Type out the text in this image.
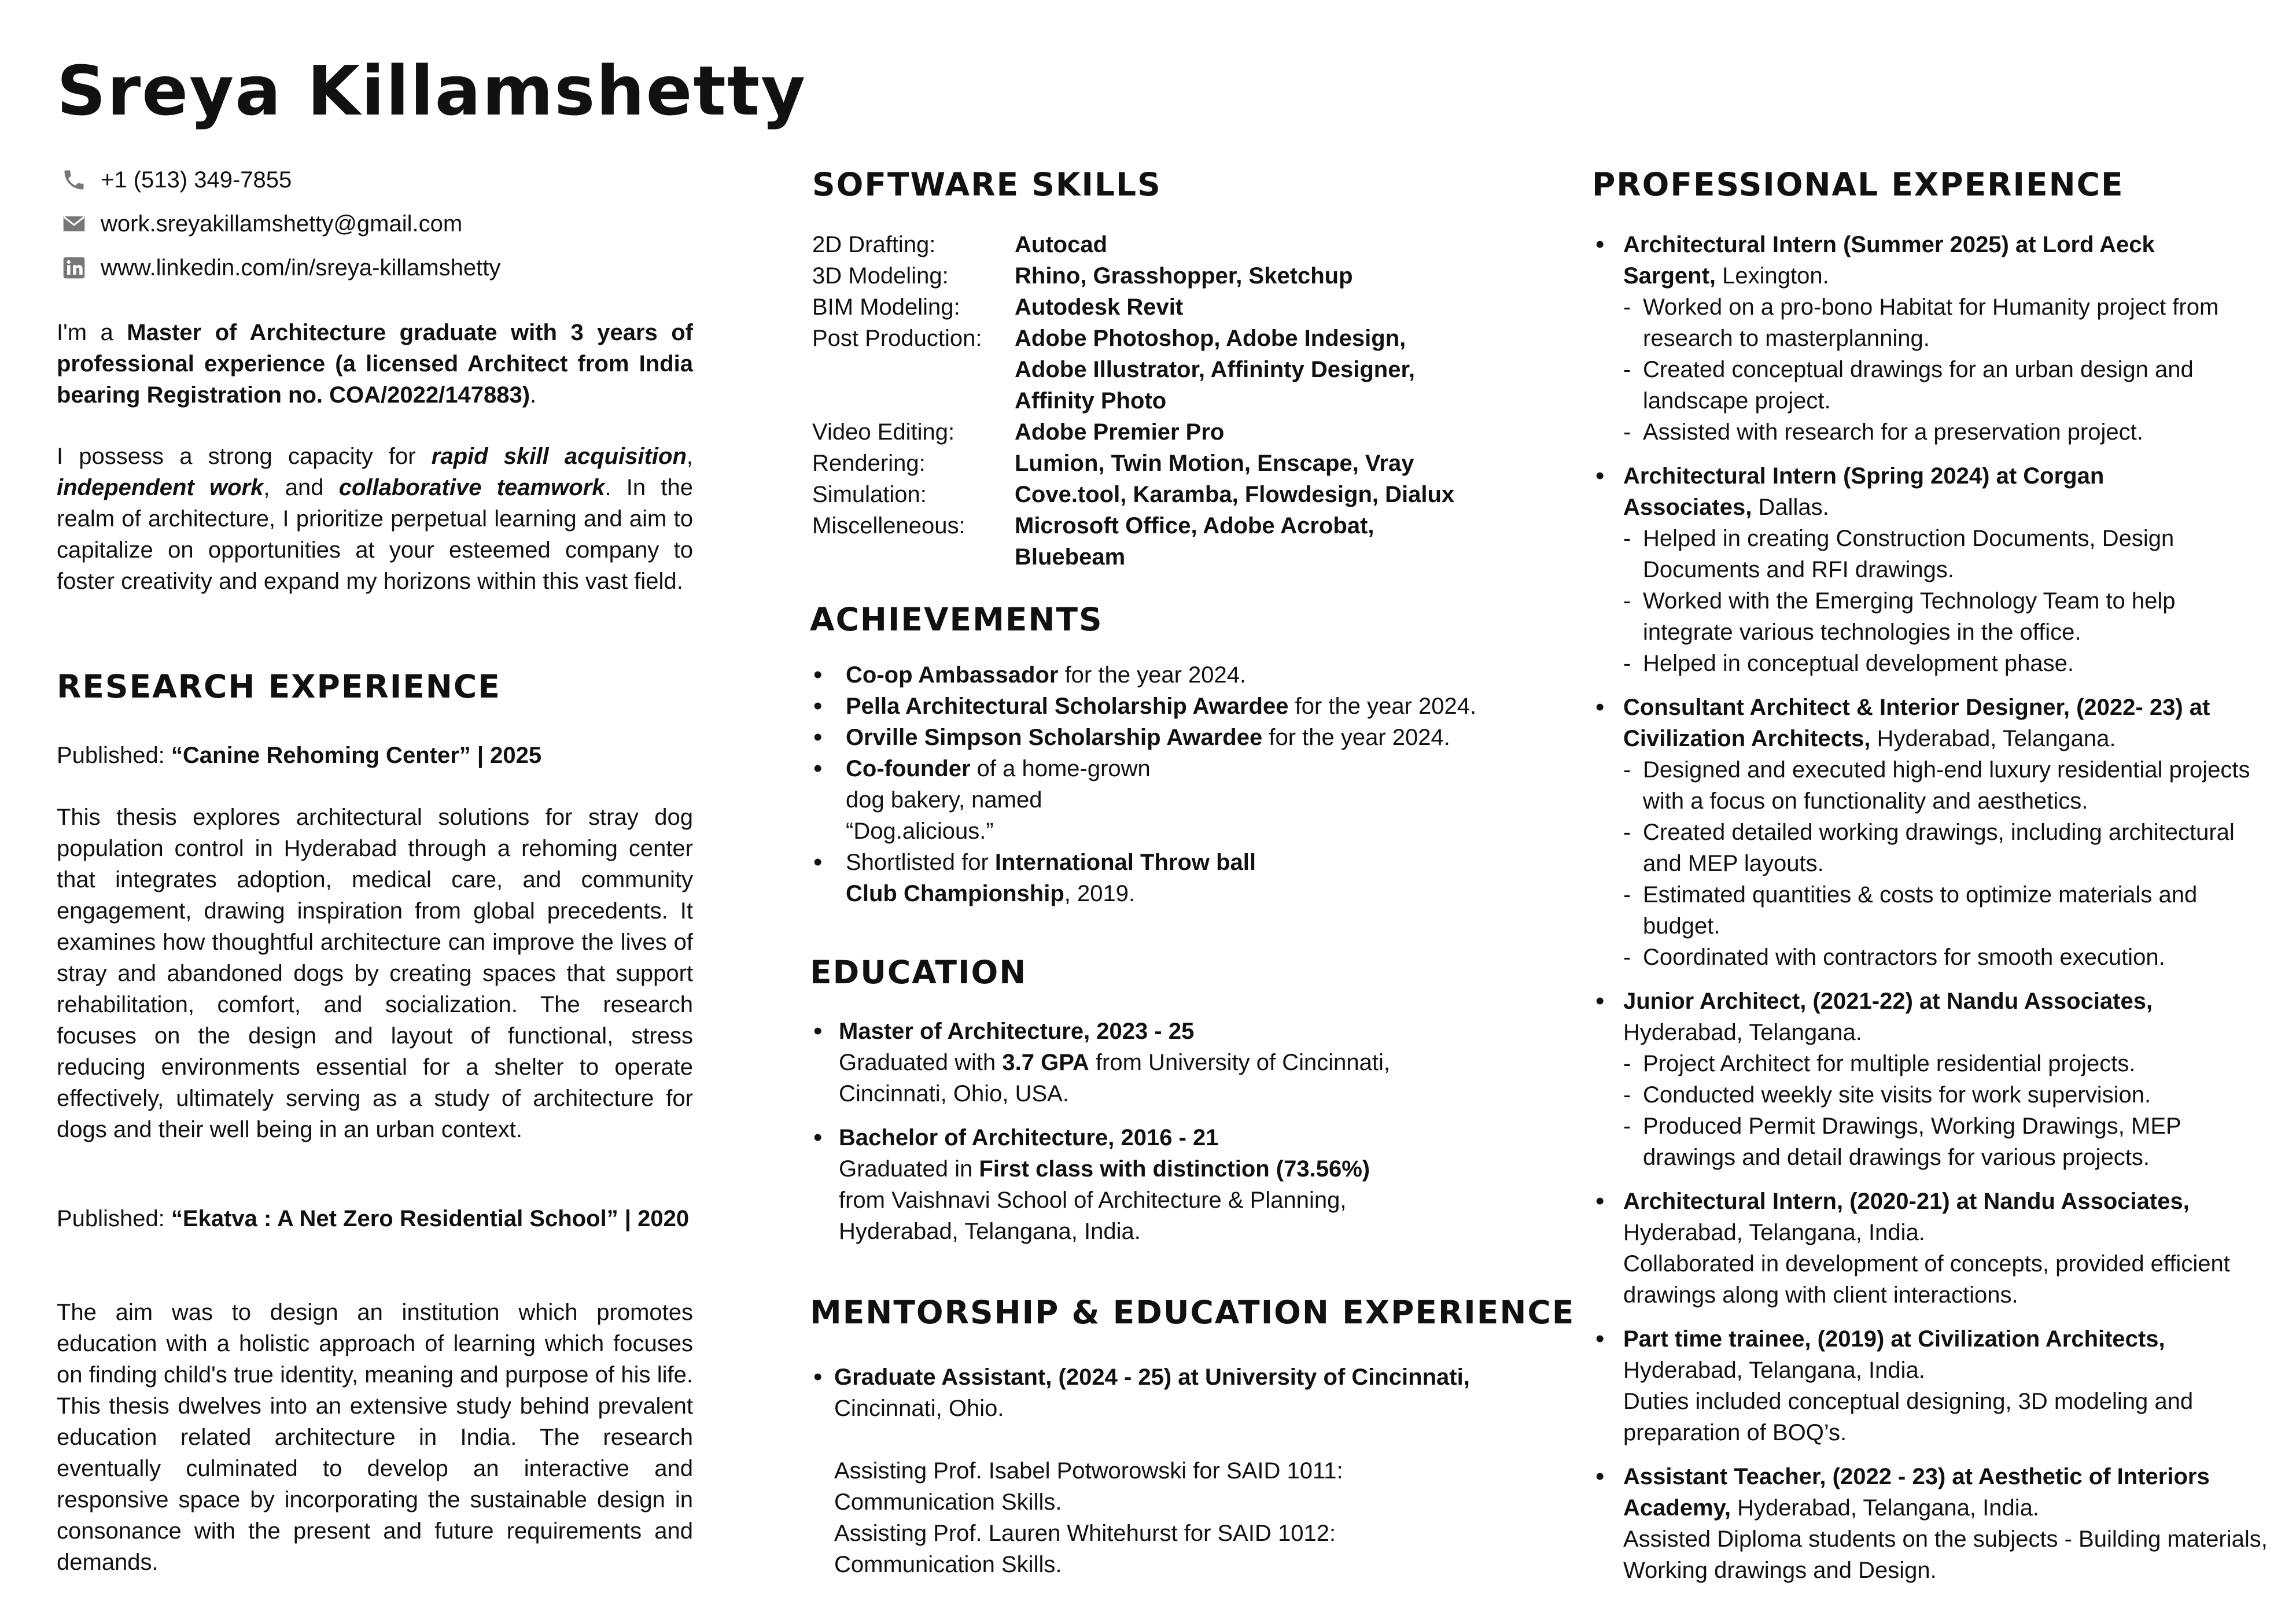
Sreya Killamshetty
+1 (513) 349-7855
work.sreyakillamshetty@gmail.com
www.linkedin.com/in/sreya-killamshetty

I'm a Master of Architecture graduate with 3 years of professional experience (a licensed Architect from India bearing Registration no. COA/2022/147883).

I possess a strong capacity for rapid skill acquisition, independent work, and collaborative teamwork. In the realm of architecture, I prioritize perpetual learning and aim to capitalize on opportunities at your esteemed company to foster creativity and expand my horizons within this vast field.

RESEARCH EXPERIENCE

Published: “Canine Rehoming Center” | 2025

This thesis explores architectural solutions for stray dog population control in Hyderabad through a rehoming center that integrates adoption, medical care, and community engagement, drawing inspiration from global precedents. It examines how thoughtful architecture can improve the lives of stray and abandoned dogs by creating spaces that support rehabilitation, comfort, and socialization. The research focuses on the design and layout of functional, stress reducing environments essential for a shelter to operate effectively, ultimately serving as a study of architecture for dogs and their well being in an urban context.

Published: “Ekatva : A Net Zero Residential School” | 2020

The aim was to design an institution which promotes education with a holistic approach of learning which focuses on finding child's true identity, meaning and purpose of his life. This thesis dwelves into an extensive study behind prevalent education related architecture in India. The research eventually culminated to develop an interactive and responsive space by incorporating the sustainable design in consonance with the present and future requirements and demands.

SOFTWARE SKILLS
2D Drafting:	Autocad
3D Modeling:	Rhino, Grasshopper, Sketchup
BIM Modeling:	Autodesk Revit
Post Production:	Adobe Photoshop, Adobe Indesign, Adobe Illustrator, Affininty Designer, Affinity Photo
Video Editing:	Adobe Premier Pro
Rendering:	Lumion, Twin Motion, Enscape, Vray
Simulation:	Cove.tool, Karamba, Flowdesign, Dialux
Miscelleneous:	Microsoft Office, Adobe Acrobat, Bluebeam
ACHIEVEMENTS
• Co-op Ambassador for the year 2024.
• Pella Architectural Scholarship Awardee for the year 2024.
• Orville Simpson Scholarship Awardee for the year 2024.
• Co-founder of a home-grown dog bakery, named “Dog.alicious.”
• Shortlisted for International Throw ball Club Championship, 2019.
EDUCATION
• Master of Architecture, 2023 - 25
Graduated with 3.7 GPA from University of Cincinnati,
Cincinnati, Ohio, USA.
• Bachelor of Architecture, 2016 - 21
Graduated in First class with distinction (73.56%)
from Vaishnavi School of Architecture & Planning,
Hyderabad, Telangana, India.
MENTORSHIP & EDUCATION EXPERIENCE
• Graduate Assistant, (2024 - 25) at University of Cincinnati,
Cincinnati, Ohio.

Assisting Prof. Isabel Potworowski for SAID 1011:
Communication Skills.
Assisting Prof. Lauren Whitehurst for SAID 1012:
Communication Skills.
PROFESSIONAL EXPERIENCE
• Architectural Intern (Summer 2025) at Lord Aeck Sargent, Lexington.
- Worked on a pro-bono Habitat for Humanity project from research to masterplanning.
- Created conceptual drawings for an urban design and landscape project.
- Assisted with research for a preservation project.
• Architectural Intern (Spring 2024) at Corgan Associates, Dallas.
- Helped in creating Construction Documents, Design Documents and RFI drawings.
- Worked with the Emerging Technology Team to help integrate various technologies in the office.
- Helped in conceptual development phase.
• Consultant Architect & Interior Designer, (2022- 23) at Civilization Architects, Hyderabad, Telangana.
- Designed and executed high-end luxury residential projects with a focus on functionality and aesthetics.
- Created detailed working drawings, including architectural and MEP layouts.
- Estimated quantities & costs to optimize materials and budget.
- Coordinated with contractors for smooth execution.
• Junior Architect, (2021-22) at Nandu Associates, Hyderabad, Telangana.
- Project Architect for multiple residential projects.
- Conducted weekly site visits for work supervision.
- Produced Permit Drawings, Working Drawings, MEP drawings and detail drawings for various projects.
• Architectural Intern, (2020-21) at Nandu Associates, Hyderabad, Telangana, India.
Collaborated in development of concepts, provided efficient drawings along with client interactions.
• Part time trainee, (2019) at Civilization Architects, Hyderabad, Telangana, India.
Duties included conceptual designing, 3D modeling and preparation of BOQ’s.
• Assistant Teacher, (2022 - 23) at Aesthetic of Interiors Academy, Hyderabad, Telangana, India.
Assisted Diploma students on the subjects - Building materials, Working drawings and Design.
